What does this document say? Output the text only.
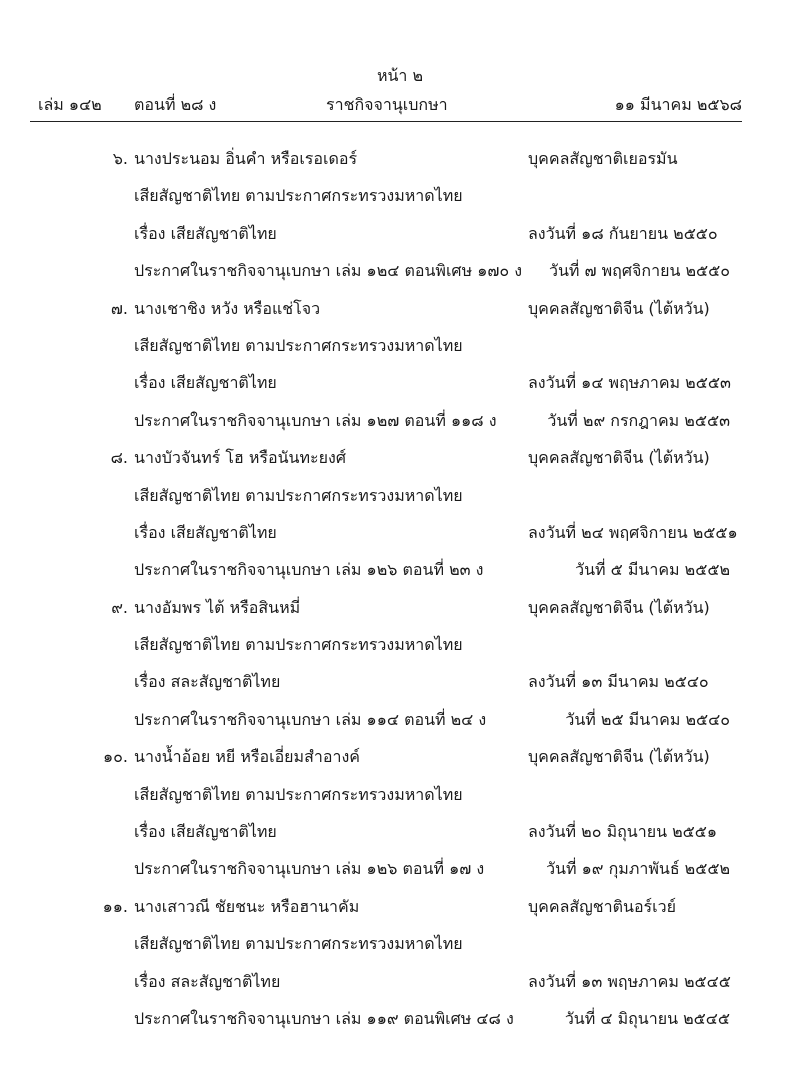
หน้า ๒
เล่ม ๑๔๒ ตอนที่ ๒๘ ง	ราชกิจจานุเบกษา	๑๑ มีนาคม ๒๕๖๘
๖. นางประนอม อิ่นคำ หรือเรอเดอร์	บุคคลสัญชาติเยอรมัน
เสียสัญชาติไทย ตามประกาศกระทรวงมหาดไทย
เรื่อง เสียสัญชาติไทย	ลงวันที่ ๑๘ กันยายน ๒๕๕๐
ประกาศในราชกิจจานุเบกษา เล่ม ๑๒๔ ตอนพิเศษ ๑๗๐ ง วันที่ ๗ พฤศจิกายน ๒๕๕๐
๗. นางเชาชิง หวัง หรือแช่โจว	บุคคลสัญชาติจีน (ไต้หวัน)
เสียสัญชาติไทย ตามประกาศกระทรวงมหาดไทย
เรื่อง เสียสัญชาติไทย	ลงวันที่ ๑๔ พฤษภาคม ๒๕๕๓
ประกาศในราชกิจจานุเบกษา เล่ม ๑๒๗ ตอนที่ ๑๑๘ ง	วันที่ ๒๙ กรกฎาคม ๒๕๕๓
๘. นางบัวจันทร์ โฮ หรือนันทะยงศ์	บุคคลสัญชาติจีน (ไต้หวัน)
เสียสัญชาติไทย ตามประกาศกระทรวงมหาดไทย
เรื่อง เสียสัญชาติไทย	ลงวันที่ ๒๔ พฤศจิกายน ๒๕๕๑
ประกาศในราชกิจจานุเบกษา เล่ม ๑๒๖ ตอนที่ ๒๓ ง	วันที่ ๕ มีนาคม ๒๕๕๒
๙. นางอัมพร ไต้ หรือสินหมี่	บุคคลสัญชาติจีน (ไต้หวัน)
เสียสัญชาติไทย ตามประกาศกระทรวงมหาดไทย
เรื่อง สละสัญชาติไทย	ลงวันที่ ๑๓ มีนาคม ๒๕๔๐
ประกาศในราชกิจจานุเบกษา เล่ม ๑๑๔ ตอนที่ ๒๔ ง	วันที่ ๒๕ มีนาคม ๒๕๔๐
๑๐. นางน้ำอ้อย หยี หรือเอี่ยมสำอางค์	บุคคลสัญชาติจีน (ไต้หวัน)
เสียสัญชาติไทย ตามประกาศกระทรวงมหาดไทย
เรื่อง เสียสัญชาติไทย	ลงวันที่ ๒๐ มิถุนายน ๒๕๕๑
ประกาศในราชกิจจานุเบกษา เล่ม ๑๒๖ ตอนที่ ๑๗ ง	วันที่ ๑๙ กุมภาพันธ์ ๒๕๕๒
๑๑. นางเสาวณี ชัยชนะ หรือฮานาคัม	บุคคลสัญชาตินอร์เวย์
เสียสัญชาติไทย ตามประกาศกระทรวงมหาดไทย
เรื่อง สละสัญชาติไทย	ลงวันที่ ๑๓ พฤษภาคม ๒๕๔๕
ประกาศในราชกิจจานุเบกษา เล่ม ๑๑๙ ตอนพิเศษ ๔๘ ง	วันที่ ๔ มิถุนายน ๒๕๔๕
